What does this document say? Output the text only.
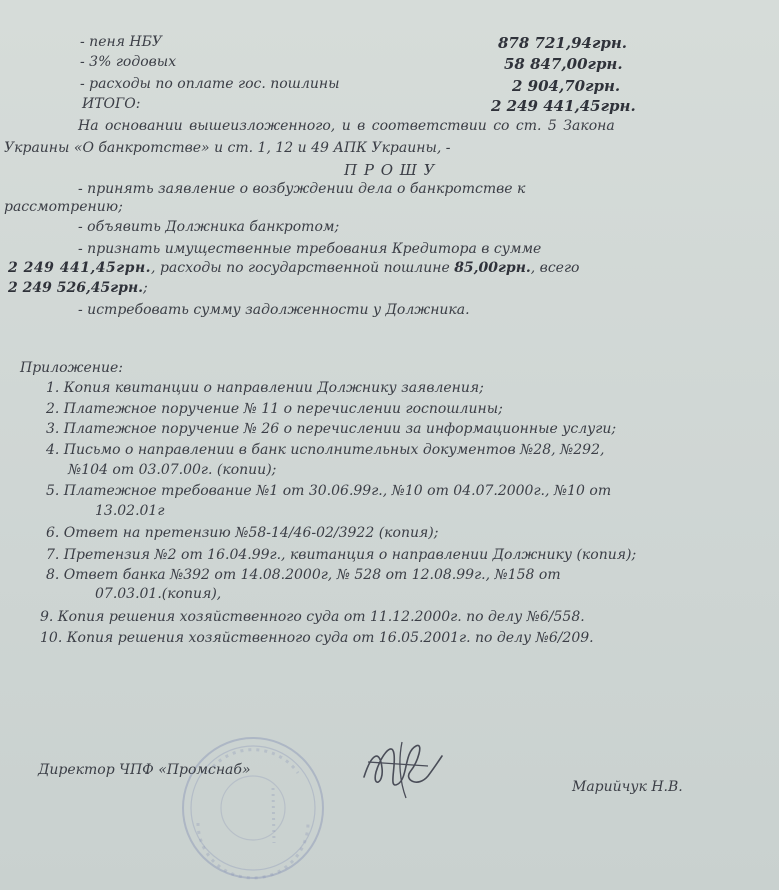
- пеня НБУ	878 721,94грн.
- 3% годовых	58 847,00грн.
- расходы по оплате гос. пошлины	2 904,70грн.
ИТОГО:	2 249 441,45грн.
На основании вышеизложенного, и в соответствии со ст. 5 Закона
Украины «О банкротстве» и ст. 1, 12 и 49 АПК Украины, -
П Р О Ш У
- принять заявление о возбуждении дела о банкротстве к
рассмотрению;
- объявить Должника банкротом;
- признать имущественные требования Кредитора в сумме
2 249 441,45грн., расходы по государственной пошлине 85,00грн., всего
2 249 526,45грн.;
- истребовать сумму задолженности у Должника.
Приложение:
1. Копия квитанции о направлении Должнику заявления;
2. Платежное поручение № 11 о перечислении госпошлины;
3. Платежное поручение № 26 о перечислении за информационные услуги;
4. Письмо о направлении в банк исполнительных документов №28, №292,
№104 от 03.07.00г. (копии);
5. Платежное требование №1 от 30.06.99г., №10 от 04.07.2000г., №10 от
13.02.01г
6. Ответ на претензию №58-14/46-02/3922 (копия);
7. Претензия №2 от 16.04.99г., квитанция о направлении Должнику (копия);
8. Ответ банка №392 от 14.08.2000г, № 528 от 12.08.99г., №158 от
07.03.01.(копия),
9. Копия решения хозяйственного суда от 11.12.2000г. по делу №6/558.
10. Копия решения хозяйственного суда от 16.05.2001г. по делу №6/209.
Директор ЧПФ «Промснаб»
Марийчук Н.В.
